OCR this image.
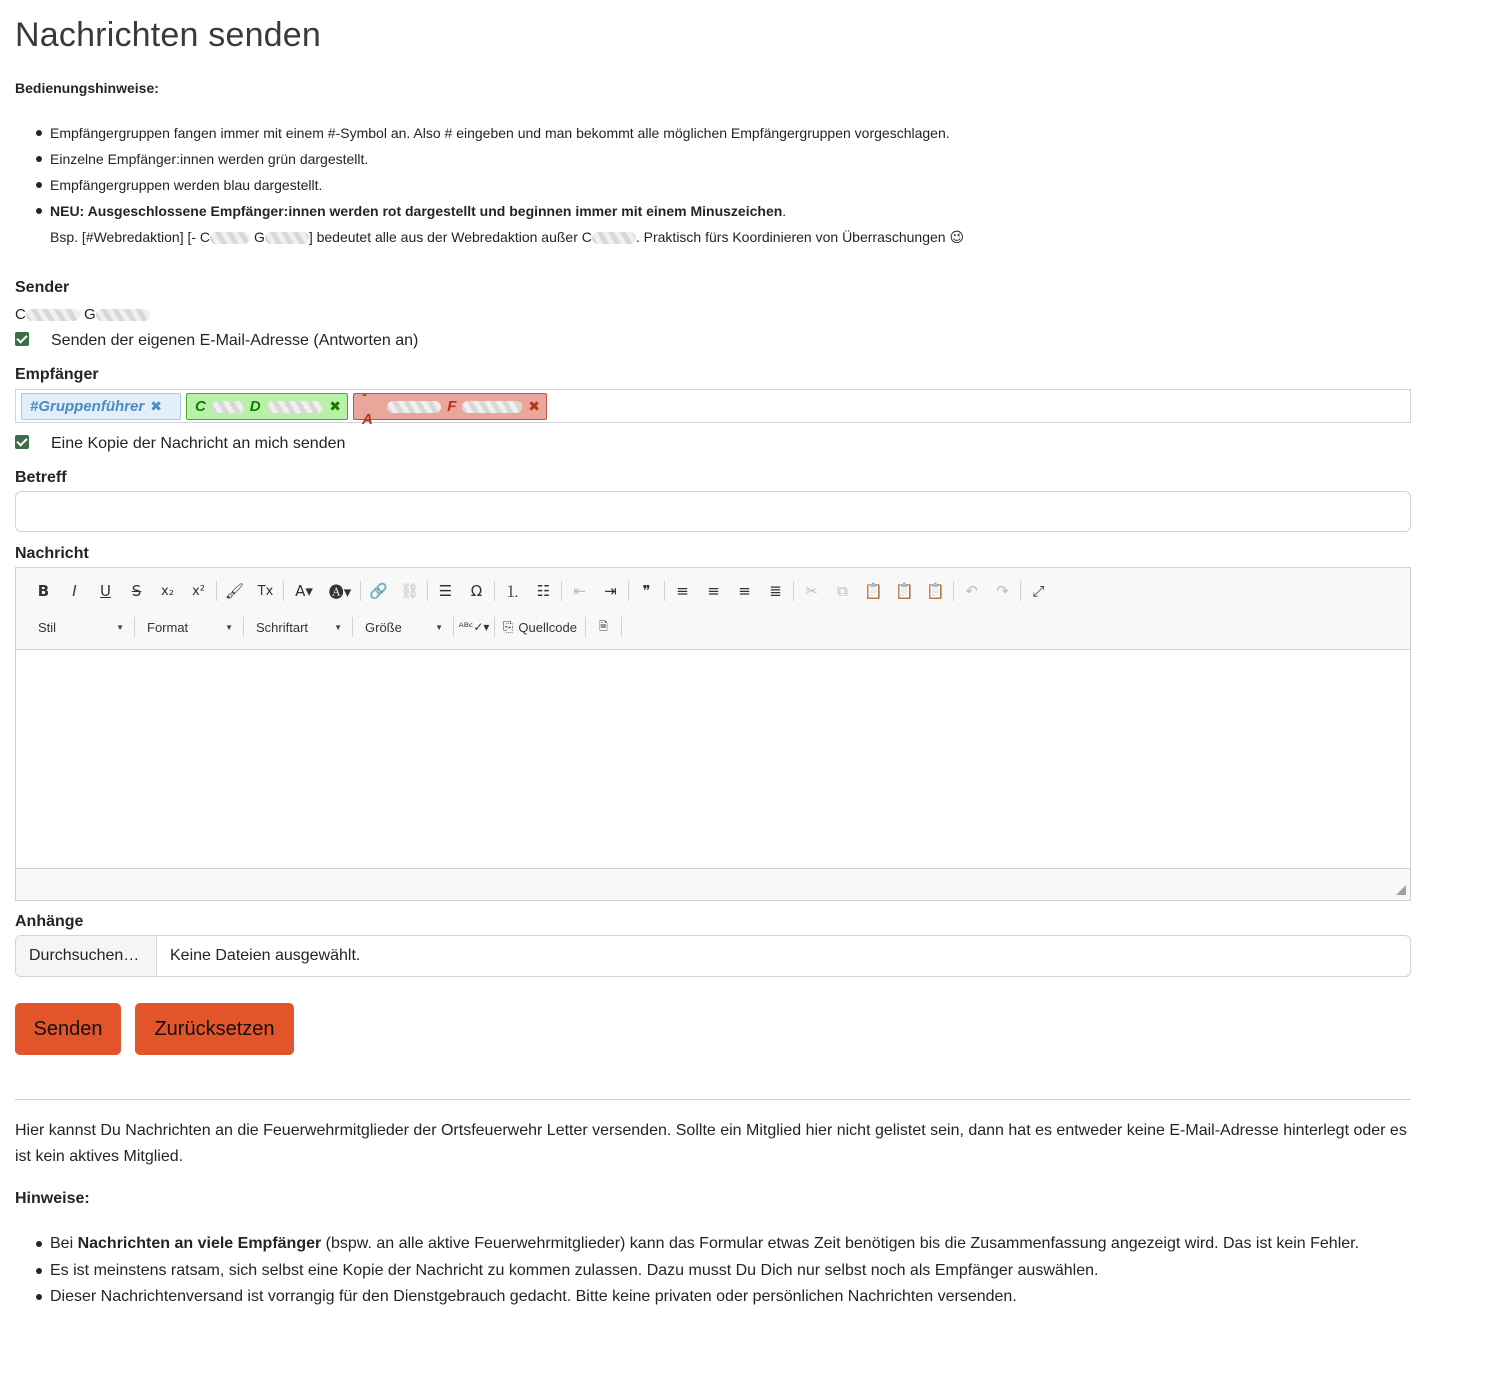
Nachrichten senden
Bedienungshinweise:
Empfängergruppen fangen immer mit einem #-Symbol an. Also # eingeben und man bekommt alle möglichen Empfängergruppen vorgeschlagen.
Einzelne Empfänger:innen werden grün dargestellt.
Empfängergruppen werden blau dargestellt.
NEU: Ausgeschlossene Empfänger:innen werden rot dargestellt und beginnen immer mit einem Minuszeichen.
Bsp. [#Webredaktion] [- C	G	] bedeutet alle aus der Webredaktion außer C	. Praktisch fürs Koordinieren von Überraschungen 😉
Sender
C	G
Senden der eigenen E-Mail-Adresse (Antworten an)
Empfänger
#Gruppenführer ✖ C	D	✖
- A
F	✖
Eine Kopie der Nachricht an mich senden
Betreff
Nachricht
B	I	U	S	x₂	x²	🖌	Tx	A▾	🅐▾	🔗 ⛓	☰	Ω	⒈	☷	⇤	⇥	❞	≡	≡	≡	≣	✂	⧉	📋 📋 📋	↶	↷	⤢
Stil	▼ Format	▼ Schriftart	▼ Größe	▼ ᴬᴮᶜ✓▾ ⎘ Quellcode	🗎
Anhänge
Durchsuchen…	Keine Dateien ausgewählt.
Senden	Zurücksetzen

Hier kannst Du Nachrichten an die Feuerwehrmitglieder der Ortsfeuerwehr Letter versenden. Sollte ein Mitglied hier nicht gelistet sein, dann hat es entweder keine E-Mail-Adresse hinterlegt oder es ist kein aktives Mitglied.

Hinweise:
Bei Nachrichten an viele Empfänger (bspw. an alle aktive Feuerwehrmitglieder) kann das Formular etwas Zeit benötigen bis die Zusammenfassung angezeigt wird. Das ist kein Fehler.
Es ist meinstens ratsam, sich selbst eine Kopie der Nachricht zu kommen zulassen. Dazu musst Du Dich nur selbst noch als Empfänger auswählen.
Dieser Nachrichtenversand ist vorrangig für den Dienstgebrauch gedacht. Bitte keine privaten oder persönlichen Nachrichten versenden.
